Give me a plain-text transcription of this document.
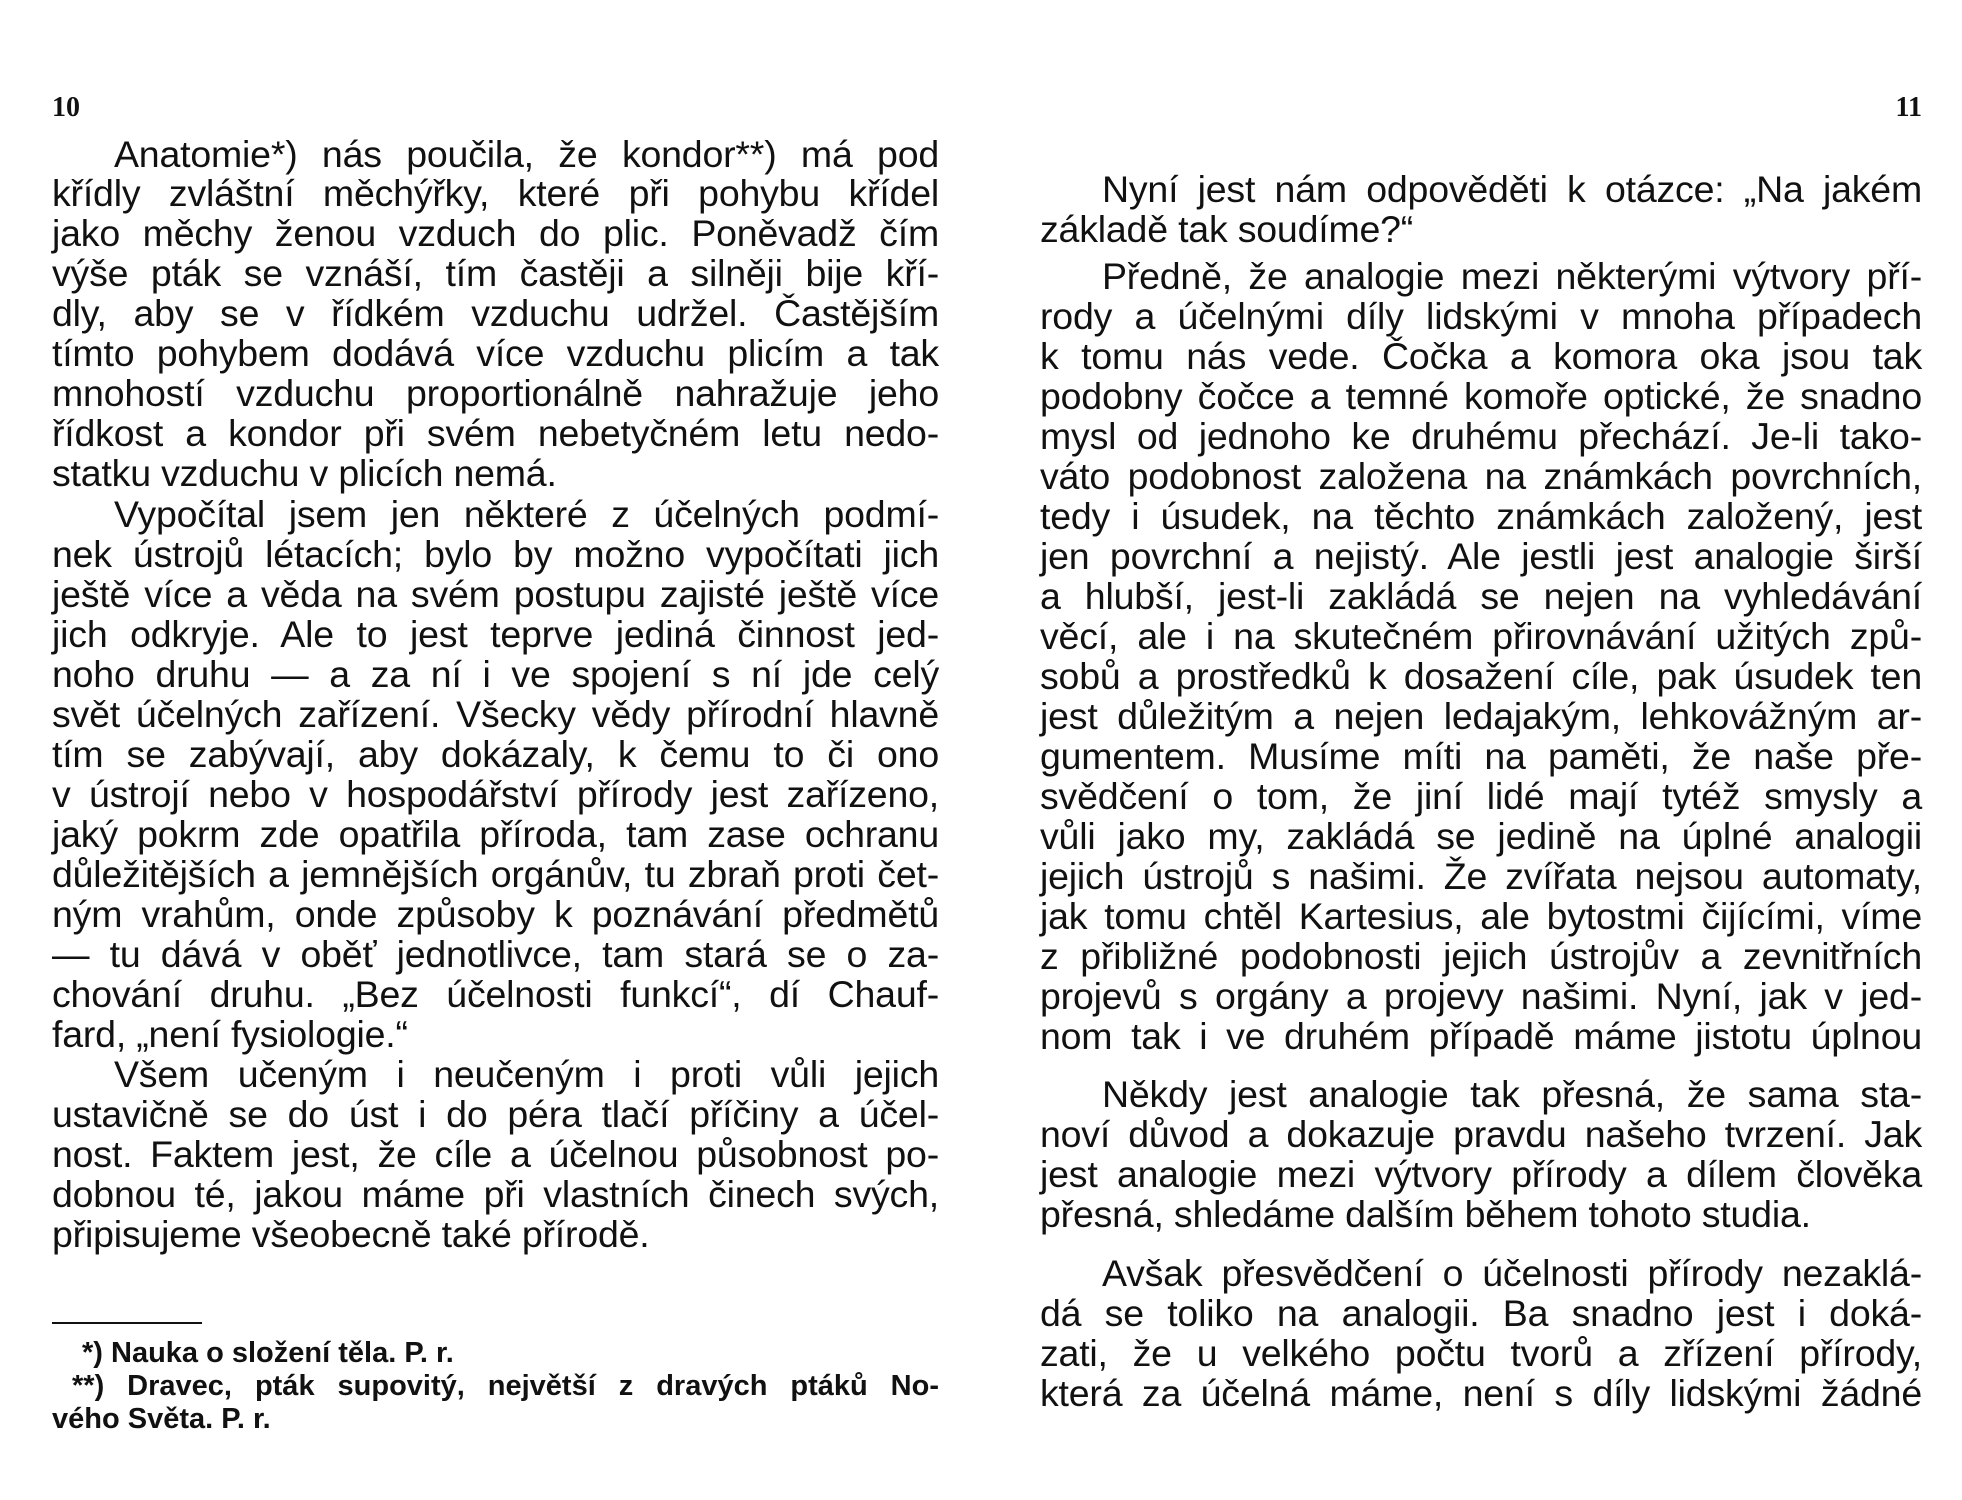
10
Anatomie*) nás poučila, že kondor**) má pod
křídly zvláštní měchýřky, které při pohybu křídel
jako měchy ženou vzduch do plic. Poněvadž čím
výše pták se vznáší, tím častěji a silněji bije kří-
dly, aby se v řídkém vzduchu udržel. Častějším
tímto pohybem dodává více vzduchu plicím a tak
mnohostí vzduchu proportionálně nahražuje jeho
řídkost a kondor při svém nebetyčném letu nedo-
statku vzduchu v plicích nemá.
Vypočítal jsem jen některé z účelných podmí-
nek ústrojů létacích; bylo by možno vypočítati jich
ještě více a věda na svém postupu zajisté ještě více
jich odkryje. Ale to jest teprve jediná činnost jed-
noho druhu — a za ní i ve spojení s ní jde celý
svět účelných zařízení. Všecky vědy přírodní hlavně
tím se zabývají, aby dokázaly, k čemu to či ono
v ústrojí nebo v hospodářství přírody jest zařízeno,
jaký pokrm zde opatřila příroda, tam zase ochranu
důležitějších a jemnějších orgánův, tu zbraň proti čet-
ným vrahům, onde způsoby k poznávání předmětů
— tu dává v oběť jednotlivce, tam stará se o za-
chování druhu. „Bez účelnosti funkcí“, dí Chauf-
fard, „není fysiologie.“
Všem učeným i neučeným i proti vůli jejich
ustavičně se do úst i do péra tlačí příčiny a účel-
nost. Faktem jest, že cíle a účelnou působnost po-
dobnou té, jakou máme při vlastních činech svých,
připisujeme všeobecně také přírodě.
*) Nauka o složení těla. P. r.
**) Dravec, pták supovitý, největší z dravých ptáků No-
vého Světa. P. r.
11
Nyní jest nám odpověděti k otázce: „Na jakém
základě tak soudíme?“
Předně, že analogie mezi některými výtvory pří-
rody a účelnými díly lidskými v mnoha případech
k tomu nás vede. Čočka a komora oka jsou tak
podobny čočce a temné komoře optické, že snadno
mysl od jednoho ke druhému přechází. Je-li tako-
váto podobnost založena na známkách povrchních,
tedy i úsudek, na těchto známkách založený, jest
jen povrchní a nejistý. Ale jestli jest analogie širší
a hlubší, jest-li zakládá se nejen na vyhledávání
věcí, ale i na skutečném přirovnávání užitých způ-
sobů a prostředků k dosažení cíle, pak úsudek ten
jest důležitým a nejen ledajakým, lehkovážným ar-
gumentem. Musíme míti na paměti, že naše pře-
svědčení o tom, že jiní lidé mají tytéž smysly a
vůli jako my, zakládá se jedině na úplné analogii
jejich ústrojů s našimi. Že zvířata nejsou automaty,
jak tomu chtěl Kartesius, ale bytostmi čijícími, víme
z přibližné podobnosti jejich ústrojův a zevnitřních
projevů s orgány a projevy našimi. Nyní, jak v jed-
nom tak i ve druhém případě máme jistotu úplnou
Někdy jest analogie tak přesná, že sama sta-
noví důvod a dokazuje pravdu našeho tvrzení. Jak
jest analogie mezi výtvory přírody a dílem člověka
přesná, shledáme dalším během tohoto studia.
Avšak přesvědčení o účelnosti přírody nezaklá-
dá se toliko na analogii. Ba snadno jest i doká-
zati, že u velkého počtu tvorů a zřízení přírody,
která za účelná máme, není s díly lidskými žádné
